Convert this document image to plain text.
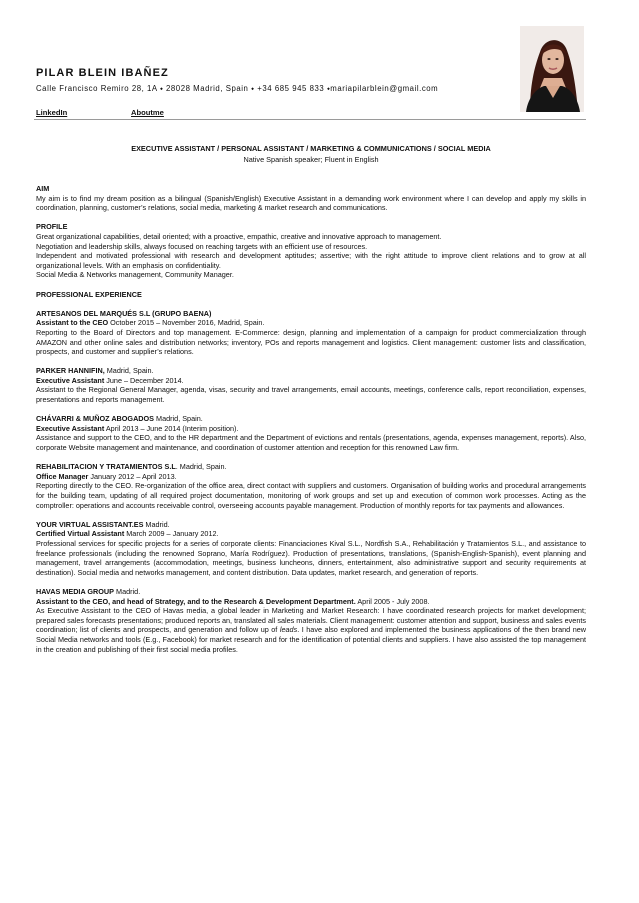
PILAR BLEIN IBAÑEZ
Calle Francisco Remiro 28, 1A ⬩ 28028 Madrid, Spain ⬩ +34 685 945 833 ⬩mariapilarblein@gmail.com
LinkedIn	Aboutme
EXECUTIVE ASSISTANT / PERSONAL ASSISTANT / MARKETING & COMMUNICATIONS / SOCIAL MEDIA
Native Spanish speaker; Fluent in English

AIM

My aim is to find my dream position as a bilingual (Spanish/English) Executive Assistant in a demanding work environment where I can develop and apply my skills in coordination, planning, customer’s relations, social media, marketing & market research and communications.

PROFILE

Great organizational capabilities, detail oriented; with a proactive, empathic, creative and innovative approach to management.

Negotiation and leadership skills, always focused on reaching targets with an efficient use of resources.

Independent and motivated professional with research and development aptitudes; assertive; with the right attitude to improve client relations and to grow at all organizational levels. With an emphasis on confidentiality.

Social Media & Networks management, Community Manager.

PROFESSIONAL EXPERIENCE

ARTESANOS DEL MARQUÉS S.L (GRUPO BAENA)

Assistant to the CEO October 2015 – November 2016, Madrid, Spain.

Reporting to the Board of Directors and top management. E-Commerce: design, planning and implementation of a campaign for product commercialization through AMAZON and other online sales and distribution networks; inventory, POs and reports management and logistics. Client management: customer lists and classification, prospects, and customer and supplier’s relations.

PARKER HANNIFIN, Madrid, Spain.

Executive Assistant June – December 2014.

Assistant to the Regional General Manager, agenda, visas, security and travel arrangements, email accounts, meetings, conference calls, report reconciliation, expenses, presentations and reports management.

CHÁVARRI & MUÑOZ ABOGADOS Madrid, Spain.

Executive Assistant April 2013 – June 2014 (Interim position).

Assistance and support to the CEO, and to the HR department and the Department of evictions and rentals (presentations, agenda, expenses management, reports). Also, corporate Website management and maintenance, and coordination of customer attention and reception for this renowned Law firm.

REHABILITACION Y TRATAMIENTOS S.L. Madrid, Spain.

Office Manager January 2012 – April 2013.

Reporting directly to the CEO. Re-organization of the office area, direct contact with suppliers and customers. Organisation of building works and procedural arrangements for the building team, updating of all required project documentation, monitoring of work groups and set up and execution of common work processes. Acting as the comptroller: operations and accounts receivable control, overseeing accounts payable management. Production of monthly reports for tax payments and allowances.

YOUR VIRTUAL ASSISTANT.ES Madrid.

Certified Virtual Assistant March 2009 – January 2012.

Professional services for specific projects for a series of corporate clients: Financiaciones Kival S.L., Nordfish S.A., Rehabilitación y Tratamientos S.L., and assistance to freelance professionals (including the renowned Soprano, María Rodríguez). Production of presentations, translations, (Spanish-English-Spanish), event planning and management, travel arrangements (accommodation, meetings, business luncheons, dinners, entertainment, also administrative support and security requirements at destination). Social media and networks management, and content distribution. Data updates, market research, and generation of reports.

HAVAS MEDIA GROUP Madrid.

Assistant to the CEO, and head of Strategy, and to the Research & Development Department. April 2005 - July 2008.

As Executive Assistant to the CEO of Havas media, a global leader in Marketing and Market Research: I have coordinated research projects for market development; prepared sales forecasts presentations; produced reports an, translated all sales materials. Client management: customer attention and support, business and sales events coordination; list of clients and prospects, and generation and follow up of leads. I have also explored and implemented the business applications of the then brand new Social Media networks and tools (E.g., Facebook) for market research and for the identification of potential clients and suppliers. I have also assisted the top management in the creation and publishing of their first social media profiles.
